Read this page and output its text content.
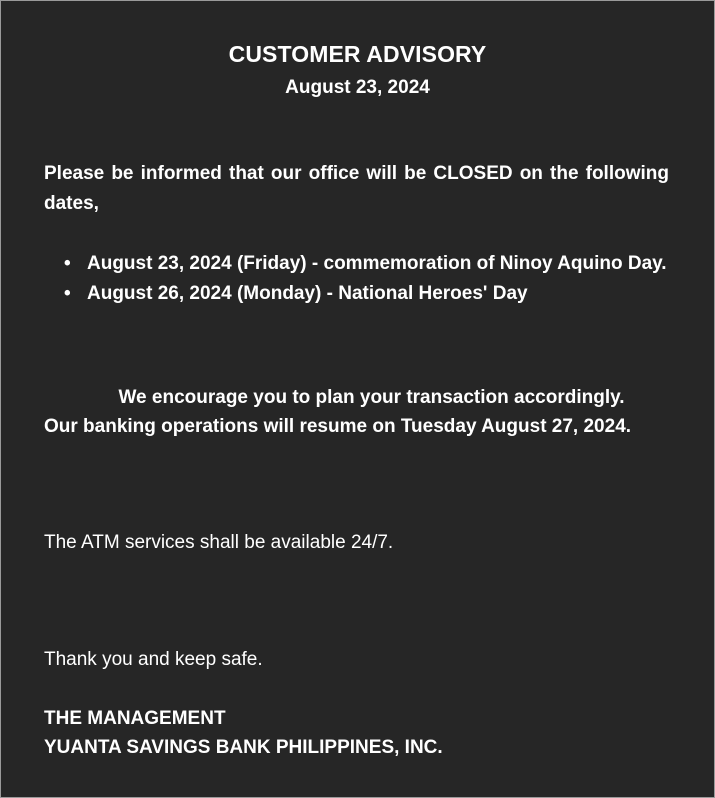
CUSTOMER ADVISORY
August 23, 2024
Please be informed that our office will be CLOSED on the following dates,
• August 23, 2024 (Friday) - commemoration of Ninoy Aquino Day.
• August 26, 2024 (Monday) - National Heroes' Day
We encourage you to plan your transaction accordingly.
Our banking operations will resume on Tuesday August 27, 2024.
The ATM services shall be available 24/7.
Thank you and keep safe.
THE MANAGEMENT
YUANTA SAVINGS BANK PHILIPPINES, INC.
